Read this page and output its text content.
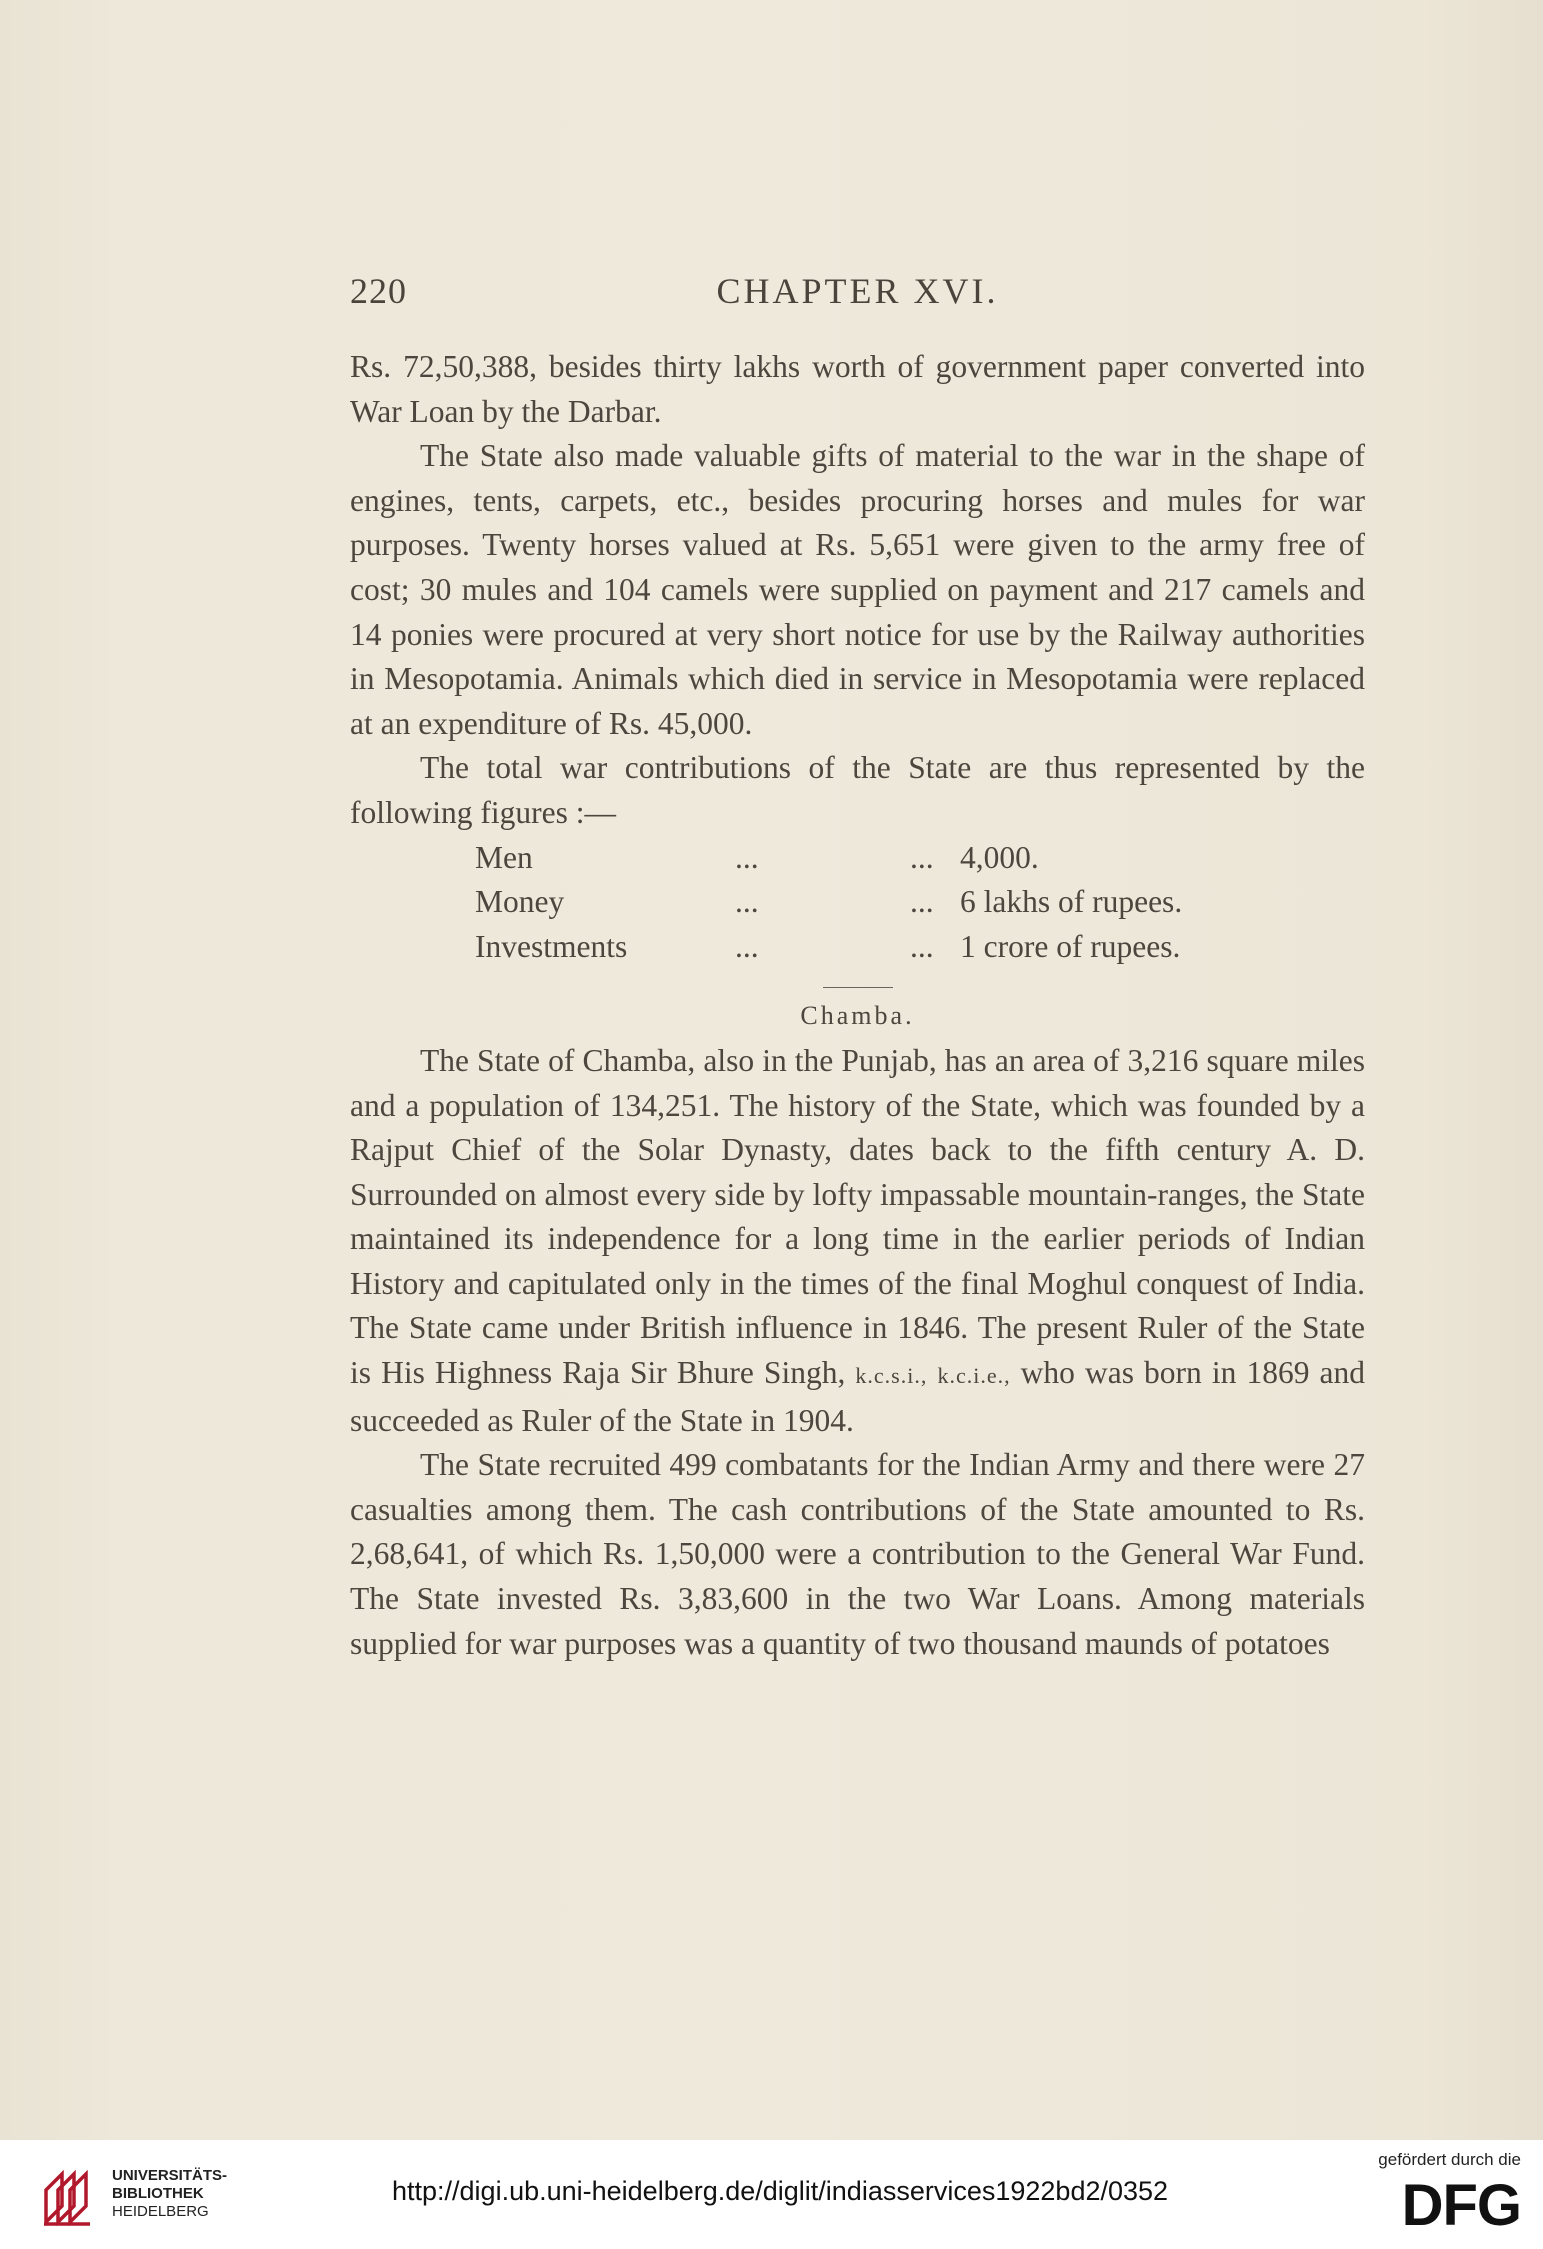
220	CHAPTER XVI.

Rs. 72,50,388, besides thirty lakhs worth of government paper converted into War Loan by the Darbar.

The State also made valuable gifts of material to the war in the shape of engines, tents, carpets, etc., besides procuring horses and mules for war purposes. Twenty horses valued at Rs. 5,651 were given to the army free of cost; 30 mules and 104 camels were supplied on payment and 217 camels and 14 ponies were procured at very short notice for use by the Railway authorities in Mesopotamia. Animals which died in service in Mesopotamia were replaced at an expenditure of Rs. 45,000.

The total war contributions of the State are thus represented by the following figures :—

Men	...	... 4,000.
Money	...	... 6 lakhs of rupees.
Investments	...	... 1 crore of rupees.
Chamba.

The State of Chamba, also in the Punjab, has an area of 3,216 square miles and a population of 134,251. The history of the State, which was founded by a Rajput Chief of the Solar Dynasty, dates back to the fifth century A. D. Surrounded on almost every side by lofty impassable mountain-ranges, the State maintained its independence for a long time in the earlier periods of Indian History and capitulated only in the times of the final Moghul conquest of India. The State came under British influence in 1846. The present Ruler of the State is His Highness Raja Sir Bhure Singh, k.c.s.i., k.c.i.e., who was born in 1869 and succeeded as Ruler of the State in 1904.

The State recruited 499 combatants for the Indian Army and there were 27 casualties among them. The cash contributions of the State amounted to Rs. 2,68,641, of which Rs. 1,50,000 were a contribution to the General War Fund. The State invested Rs. 3,83,600 in the two War Loans. Among materials supplied for war purposes was a quantity of two thousand maunds of potatoes

UNIVERSITÄTS-
BIBLIOTHEK
HEIDELBERG
http://digi.ub.uni-heidelberg.de/diglit/indiasservices1922bd2/0352
gefördert durch die
DFG
